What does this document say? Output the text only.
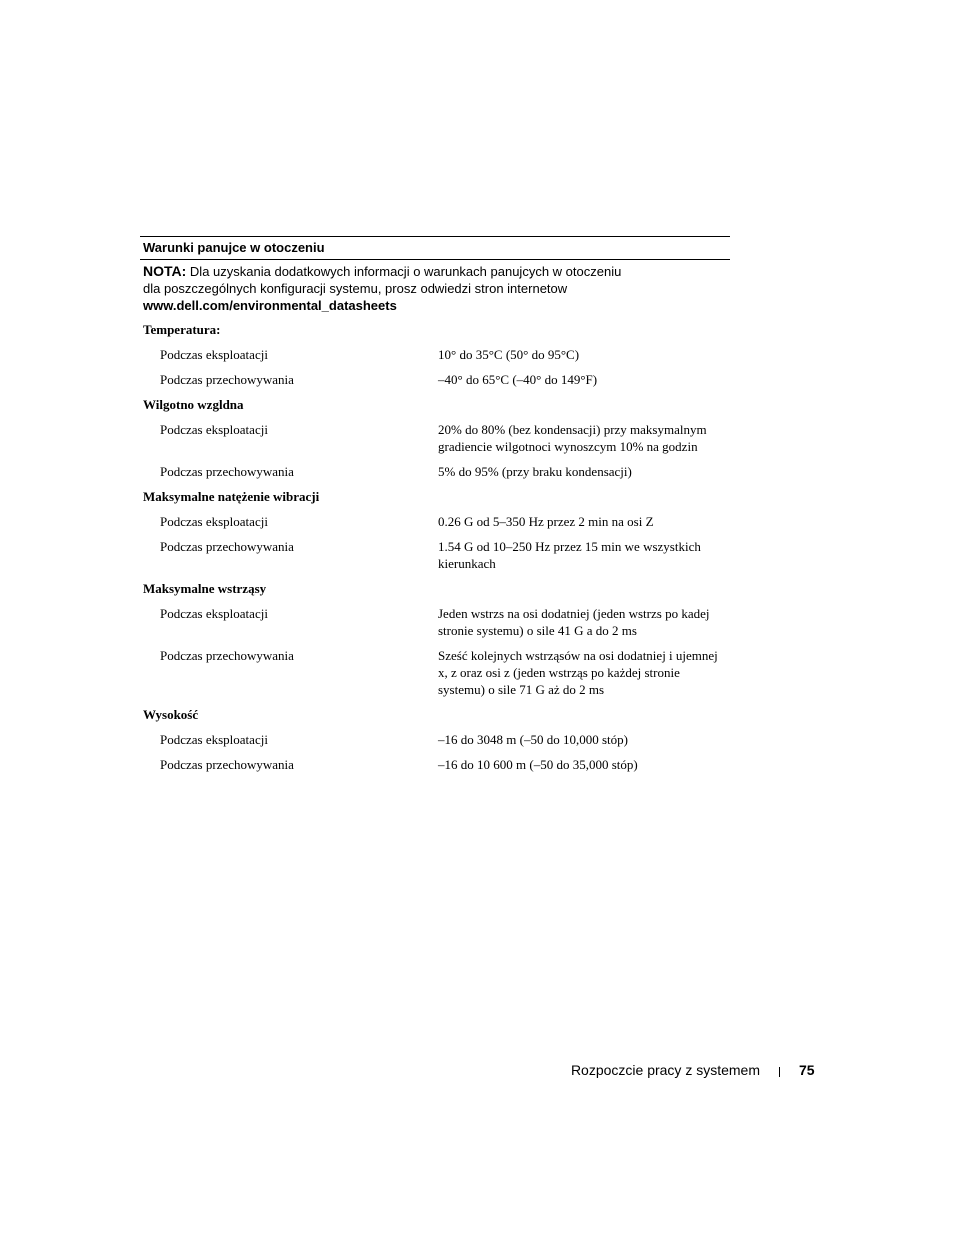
Warunki panujce w otoczeniu
NOTA: Dla uzyskania dodatkowych informacji o warunkach panujcych w otoczeniu
dla poszczególnych konfiguracji systemu, prosz odwiedzi stron internetow
www.dell.com/environmental_datasheets
Temperatura:
Podczas eksploatacji	10° do 35°C (50° do 95°C)
Podczas przechowywania	–40° do 65°C (–40° do 149°F)
Wilgotno wzgldna
Podczas eksploatacji	20% do 80% (bez kondensacji) przy maksymalnym gradiencie wilgotnoci wynoszcym 10% na godzin
Podczas przechowywania	5% do 95% (przy braku kondensacji)
Maksymalne natężenie wibracji
Podczas eksploatacji	0.26 G od 5–350 Hz przez 2 min na osi Z
Podczas przechowywania	1.54 G od 10–250 Hz przez 15 min we wszystkich kierunkach
Maksymalne wstrząsy
Podczas eksploatacji	Jeden wstrzs na osi dodatniej (jeden wstrzs po kadej stronie systemu) o sile 41 G a do 2 ms
Podczas przechowywania	Sześć kolejnych wstrząsów na osi dodatniej i ujemnej x, z oraz osi z (jeden wstrząs po każdej stronie systemu) o sile 71 G aż do 2 ms
Wysokość
Podczas eksploatacji	–16 do 3048 m (–50 do 10,000 stóp)
Podczas przechowywania	–16 do 10 600 m (–50 do 35,000 stóp)
Rozpoczcie pracy z systemem	75
